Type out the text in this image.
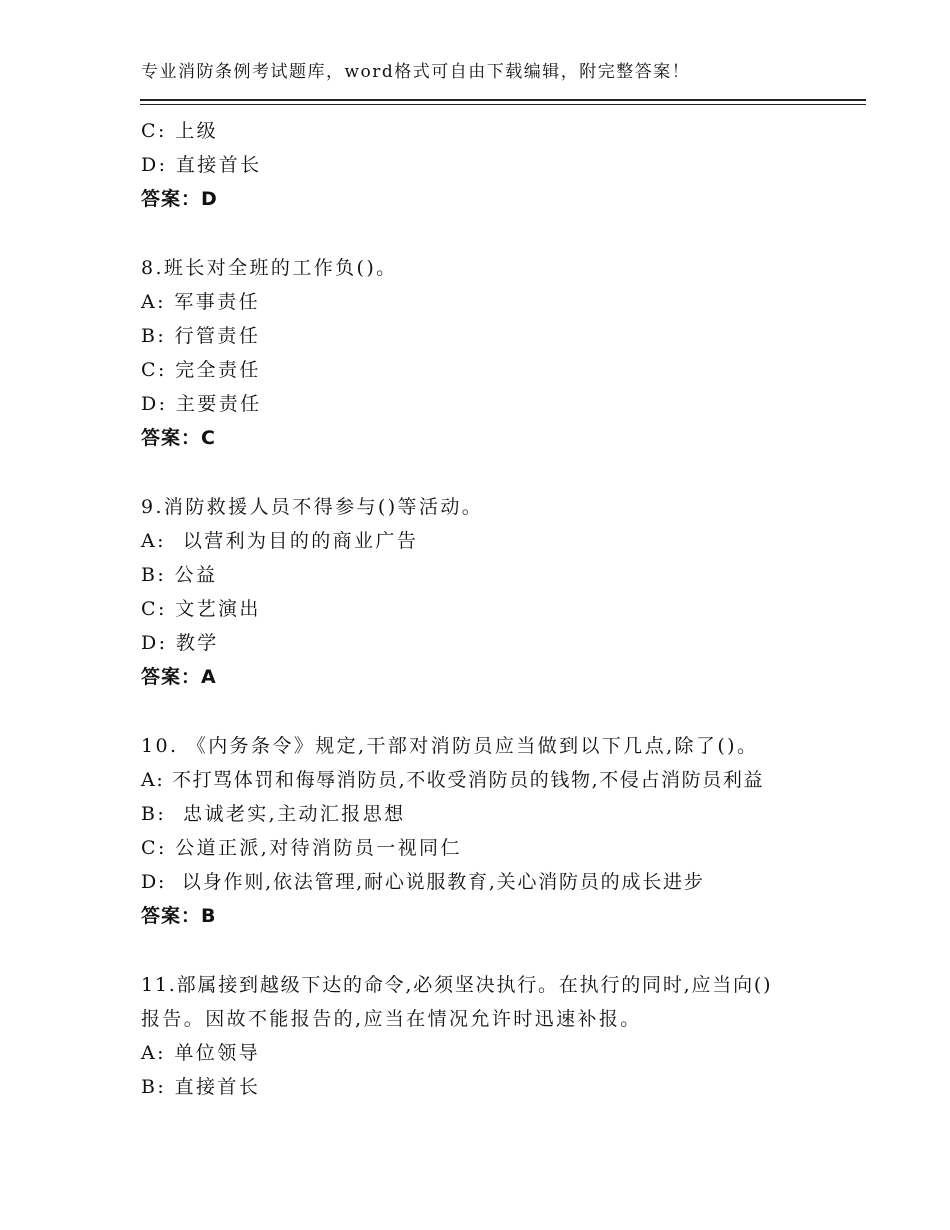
专业消防条例考试题库，word格式可自由下载编辑，附完整答案！
C: 上级
D: 直接首长
答案：D
8.班长对全班的工作负()。
A: 军事责任
B: 行管责任
C: 完全责任
D: 主要责任
答案：C
9.消防救援人员不得参与()等活动。
A:  以营利为目的的商业广告
B: 公益
C: 文艺演出
D: 教学
答案：A
10. 《内务条令》规定,干部对消防员应当做到以下几点,除了()。
A: 不打骂体罚和侮辱消防员,不收受消防员的钱物,不侵占消防员利益
B:  忠诚老实,主动汇报思想
C: 公道正派,对待消防员一视同仁
D:  以身作则,依法管理,耐心说服教育,关心消防员的成长进步
答案：B
11.部属接到越级下达的命令,必须坚决执行。在执行的同时,应当向()
报告。因故不能报告的,应当在情况允许时迅速补报。
A: 单位领导
B: 直接首长
